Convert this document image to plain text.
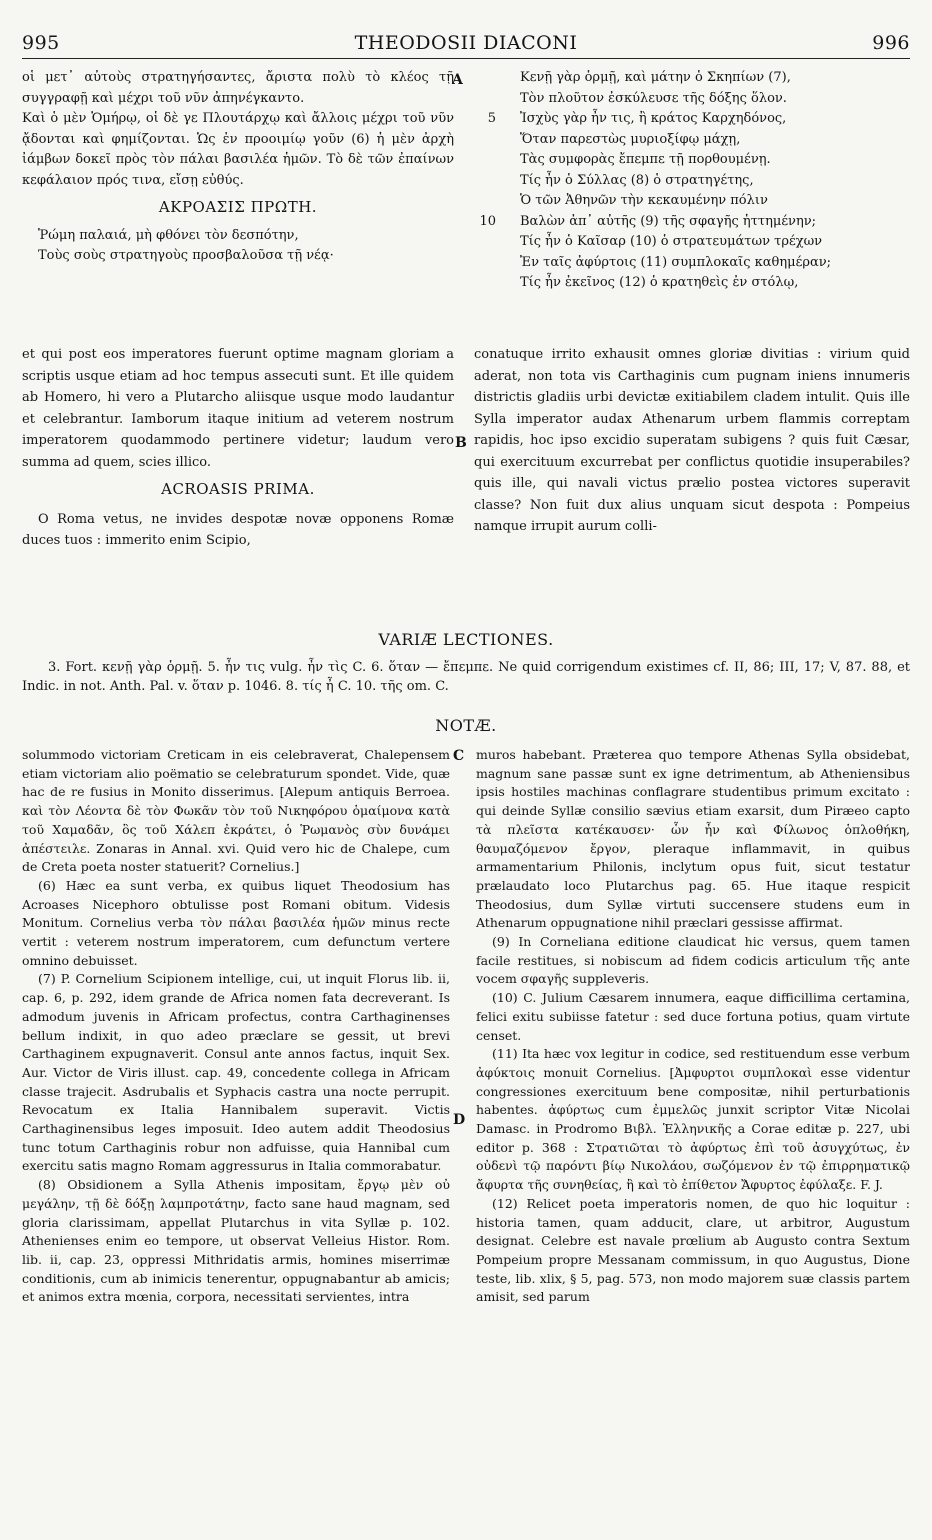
995	THEODOSII DIACONI	996

οἱ μετ᾽ αὐτοὺς στρατηγήσαντες, ἄριστα πολὺ τὸ κλέος τῇ συγγραφῇ καὶ μέχρι τοῦ νῦν ἀπηνέγκαντο.

Καὶ ὁ μὲν Ὁμήρῳ, οἱ δὲ γε Πλουτάρχῳ καὶ ἄλλοις μέχρι τοῦ νῦν ᾄδονται καὶ φημίζονται. Ὡς ἐν προοιμίῳ γοῦν (6) ἡ μὲν ἀρχὴ ἰάμβων δοκεῖ πρὸς τὸν πάλαι βασιλέα ἡμῶν. Τὸ δὲ τῶν ἐπαίνων κεφάλαιον πρός τινα, εἴσῃ εὐθύς.

ΑΚΡΟΑΣΙΣ ΠΡΩΤΗ.

Ῥώμη παλαιά, μὴ φθόνει τὸν δεσπότην,

Τοὺς σοὺς στρατηγοὺς προσβαλοῦσα τῇ νέᾳ·

A	Κενῇ γὰρ ὁρμῇ, καὶ μάτην ὁ Σκηπίων (7),
Τὸν πλοῦτον ἐσκύλευσε τῆς δόξης ὅλον.
5 Ἰσχὺς γὰρ ἦν τις, ἢ κράτος Καρχηδόνος,
Ὅταν παρεστὼς μυριοξίφῳ μάχῃ,
Τὰς συμφορὰς ἔπεμπε τῇ πορθουμένῃ.
Τίς ἦν ὁ Σύλλας (8) ὁ στρατηγέτης,
Ὁ τῶν Ἀθηνῶν τὴν κεκαυμένην πόλιν
10 Βαλὼν ἀπ᾽ αὐτῆς (9) τῆς σφαγῆς ἡττημένην;
Τίς ἦν ὁ Καῖσαρ (10) ὁ στρατευμάτων τρέχων
Ἐν ταῖς ἀφύρτοις (11) συμπλοκαῖς καθημέραν;
Τίς ἦν ἐκεῖνος (12) ὁ κρατηθεὶς ἐν στόλῳ,

et qui post eos imperatores fuerunt optime magnam gloriam a scriptis usque etiam ad hoc tempus assecuti sunt. Et ille quidem ab Homero, hi vero a Plutarcho aliisque usque modo laudantur et celebrantur. Iamborum itaque initium ad veterem nostrum imperatorem quodammodo pertinere videtur; laudum vero summa ad quem, scies illico.

ACROASIS PRIMA.

O Roma vetus, ne invides despotæ novæ opponens Romæ duces tuos : immerito enim Scipio,

B

conatuque irrito exhausit omnes gloriæ divitias : virium quid aderat, non tota vis Carthaginis cum pugnam iniens innumeris districtis gladiis urbi devictæ exitiabilem cladem intulit. Quis ille Sylla imperator audax Athenarum urbem flammis correptam rapidis, hoc ipso excidio superatam subigens ? quis fuit Cæsar, qui exercituum excurrebat per conflictus quotidie insuperabiles? quis ille, qui navali victus prælio postea victores superavit classe? Non fuit dux alius unquam sicut despota : Pompeius namque irrupit aurum colli-

VARIÆ LECTIONES.

3. Fort. κενῇ γὰρ ὁρμῇ. 5. ἦν τις vulg. ἦν τὶς C. 6. ὅταν — ἔπεμπε. Ne quid corrigendum existimes cf. II, 86; III, 17; V, 87. 88, et Indic. in not. Anth. Pal. v. ὅταν p. 1046. 8. τίς ἦ C. 10. τῆς om. C.

NOTÆ.
C
D

solummodo victoriam Creticam in eis celebraverat, Chalepensem etiam victoriam alio poëmatio se celebraturum spondet. Vide, quæ hac de re fusius in Monito disserimus. [Alepum antiquis Berroea. καὶ τὸν Λέοντα δὲ τὸν Φωκᾶν τὸν τοῦ Νικηφόρου ὁμαίμονα κατὰ τοῦ Χαμαδᾶν, ὃς τοῦ Χάλεπ ἐκράτει, ὁ Ῥωμανὸς σὺν δυνάμει ἀπέστειλε. Zonaras in Annal. xvi. Quid vero hic de Chalepe, cum de Creta poeta noster statuerit? Cornelius.]

(6) Hæc ea sunt verba, ex quibus liquet Theodosium has Acroases Nicephoro obtulisse post Romani obitum. Videsis Monitum. Cornelius verba τὸν πάλαι βασιλέα ἡμῶν minus recte vertit : veterem nostrum imperatorem, cum defunctum vertere omnino debuisset.

(7) P. Cornelium Scipionem intellige, cui, ut inquit Florus lib. ii, cap. 6, p. 292, idem grande de Africa nomen fata decreverant. Is admodum juvenis in Africam profectus, contra Carthaginenses bellum indixit, in quo adeo præclare se gessit, ut brevi Carthaginem expugnaverit. Consul ante annos factus, inquit Sex. Aur. Victor de Viris illust. cap. 49, concedente collega in Africam classe trajecit. Asdrubalis et Syphacis castra una nocte perrupit. Revocatum ex Italia Hannibalem superavit. Victis Carthaginensibus leges imposuit. Ideo autem addit Theodosius tunc totum Carthaginis robur non adfuisse, quia Hannibal cum exercitu satis magno Romam aggressurus in Italia commorabatur.

(8) Obsidionem a Sylla Athenis impositam, ἔργῳ μὲν οὐ μεγάλην, τῇ δὲ δόξῃ λαμπροτάτην, facto sane haud magnam, sed gloria clarissimam, appellat Plutarchus in vita Syllæ p. 102. Athenienses enim eo tempore, ut observat Velleius Histor. Rom. lib. ii, cap. 23, oppressi Mithridatis armis, homines miserrimæ conditionis, cum ab inimicis tenerentur, oppugnabantur ab amicis; et animos extra mœnia, corpora, necessitati servientes, intra

muros habebant. Præterea quo tempore Athenas Sylla obsidebat, magnum sane passæ sunt ex igne detrimentum, ab Atheniensibus ipsis hostiles machinas conflagrare studentibus primum excitato : qui deinde Syllæ consilio sævius etiam exarsit, dum Piræeo capto τὰ πλεῖστα κατέκαυσεν· ὧν ἦν καὶ Φίλωνος ὁπλοθήκη, θαυμαζόμενον ἔργον, pleraque inflammavit, in quibus armamentarium Philonis, inclytum opus fuit, sicut testatur prælaudato loco Plutarchus pag. 65. Hue itaque respicit Theodosius, dum Syllæ virtuti succensere studens eum in Athenarum oppugnatione nihil præclari gessisse affirmat.

(9) In Corneliana editione claudicat hic versus, quem tamen facile restitues, si nobiscum ad fidem codicis articulum τῆς ante vocem σφαγῆς suppleveris.

(10) C. Julium Cæsarem innumera, eaque difficillima certamina, felici exitu subiisse fatetur : sed duce fortuna potius, quam virtute censet.

(11) Ita hæc vox legitur in codice, sed restituendum esse verbum ἀφύκτοις monuit Cornelius. [Ἀμφυρτοι συμπλοκαὶ esse videntur congressiones exercituum bene compositæ, nihil perturbationis habentes. ἀφύρτως cum ἐμμελῶς junxit scriptor Vitæ Nicolai Damasc. in Prodromo Βιβλ. Ἑλληνικῆς a Corae editæ p. 227, ubi editor p. 368 : Στρατιῶται τὸ ἀφύρτως ἐπὶ τοῦ ἀσυγχύτως, ἐν οὐδενὶ τῷ παρόντι βίῳ Νικολάου, σωζόμενον ἐν τῷ ἐπιρρηματικῷ ἄφυρτα τῆς συνηθείας, ἣ καὶ τὸ ἐπίθετον Ἄφυρτος ἐφύλαξε. F. J.

(12) Relicet poeta imperatoris nomen, de quo hic loquitur : historia tamen, quam adducit, clare, ut arbitror, Augustum designat. Celebre est navale prœlium ab Augusto contra Sextum Pompeium propre Messanam commissum, in quo Augustus, Dione teste, lib. xlix, § 5, pag. 573, non modo majorem suæ classis partem amisit, sed parum
